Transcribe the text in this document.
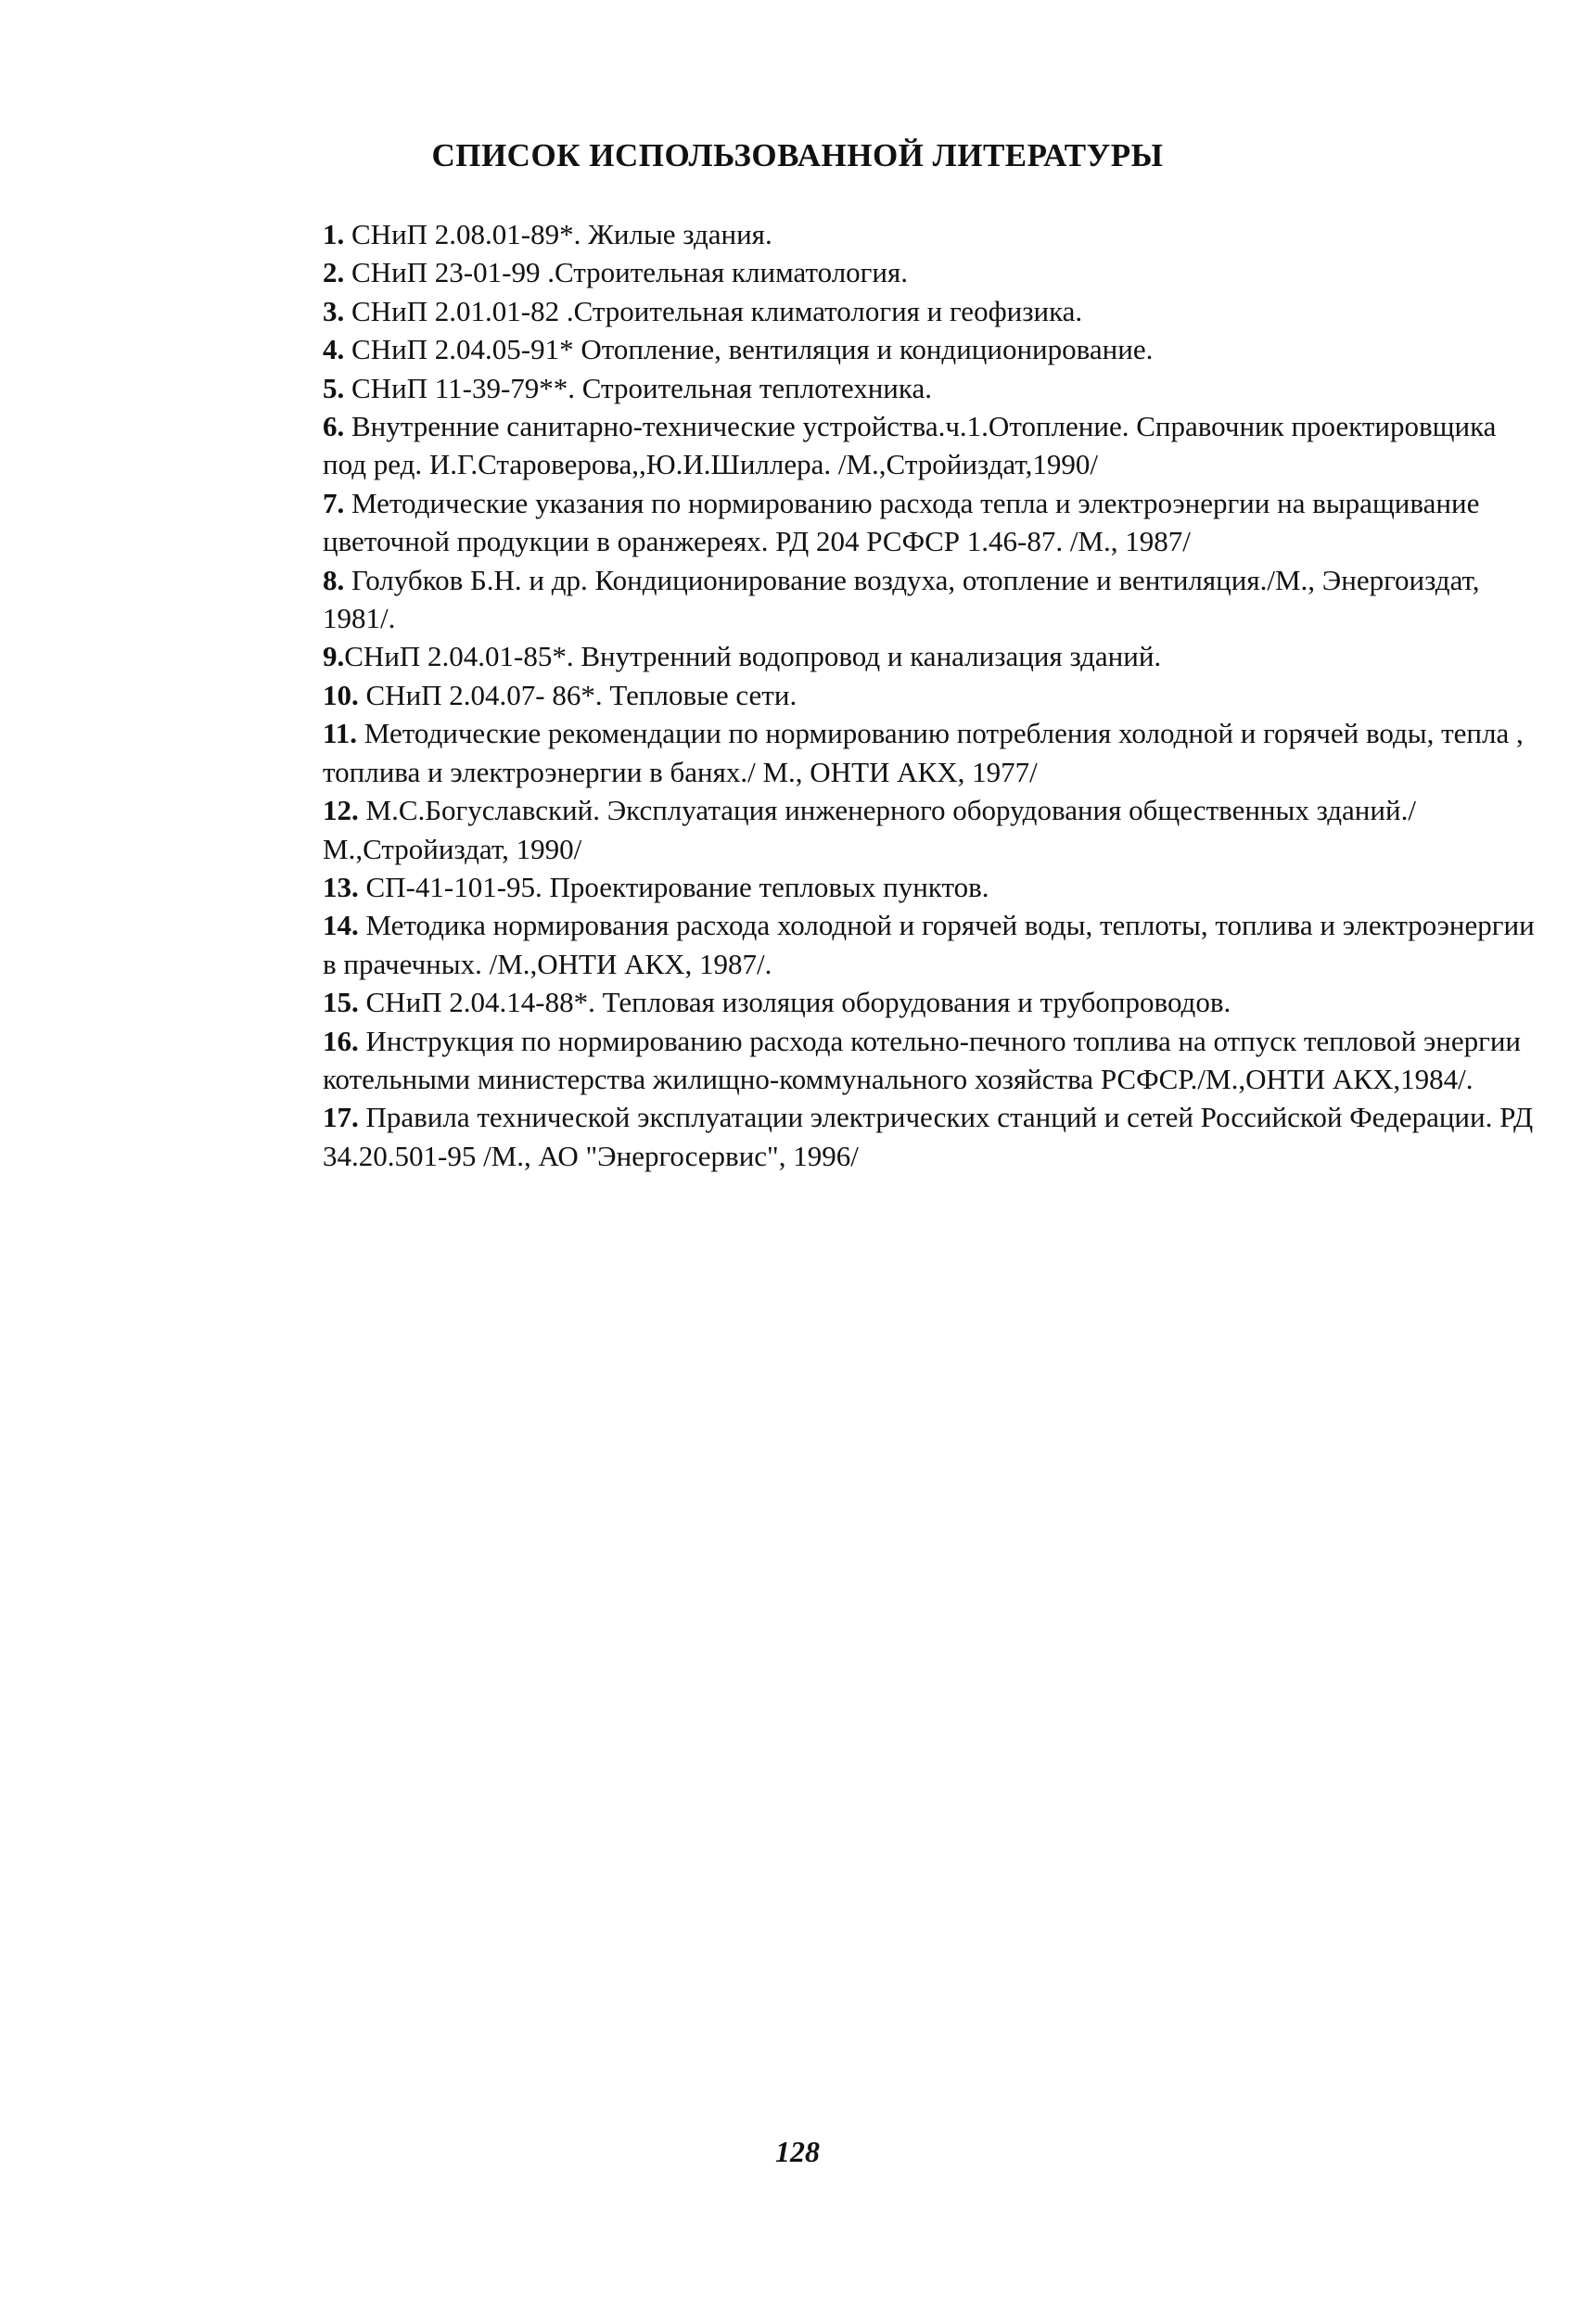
СПИСОК ИСПОЛЬЗОВАННОЙ ЛИТЕРАТУРЫ
1. СНиП 2.08.01-89*. Жилые здания.
2. СНиП 23-01-99 .Строительная климатология.
3. СНиП 2.01.01-82 .Строительная климатология и геофизика.
4. СНиП 2.04.05-91* Отопление, вентиляция и кондиционирование.
5. СНиП 11-39-79**. Строительная теплотехника.
6. Внутренние санитарно-технические устройства.ч.1.Отопление. Справочник проектировщика под ред. И.Г.Староверова,,Ю.И.Шиллера. /М.,Стройиздат,1990/
7. Методические указания по нормированию расхода тепла и электроэнергии на выращивание цветочной продукции в оранжереях. РД 204 РСФСР 1.46-87. /М., 1987/
8. Голубков Б.Н. и др. Кондиционирование воздуха, отопление и вентиляция./М., Энергоиздат, 1981/.
9.СНиП 2.04.01-85*. Внутренний водопровод и канализация зданий.
10. СНиП 2.04.07- 86*. Тепловые сети.
11. Методические рекомендации по нормированию потребления холодной и горячей воды, тепла , топлива и электроэнергии в банях./ М., ОНТИ АКХ, 1977/
12. М.С.Богуславский. Эксплуатация инженерного оборудования общественных зданий./М.,Стройиздат, 1990/
13. СП-41-101-95. Проектирование тепловых пунктов.
14. Методика нормирования расхода холодной и горячей воды, теплоты, топлива и электроэнергии в прачечных. /М.,ОНТИ АКХ, 1987/.
15. СНиП 2.04.14-88*. Тепловая изоляция оборудования и трубопроводов.
16. Инструкция по нормированию расхода котельно-печного топлива на отпуск тепловой энергии котельными министерства жилищно-коммунального хозяйства РСФСР./М.,ОНТИ АКХ,1984/.
17. Правила технической эксплуатации электрических станций и сетей Российской Федерации. РД 34.20.501-95 /М., АО "Энергосервис", 1996/
128
